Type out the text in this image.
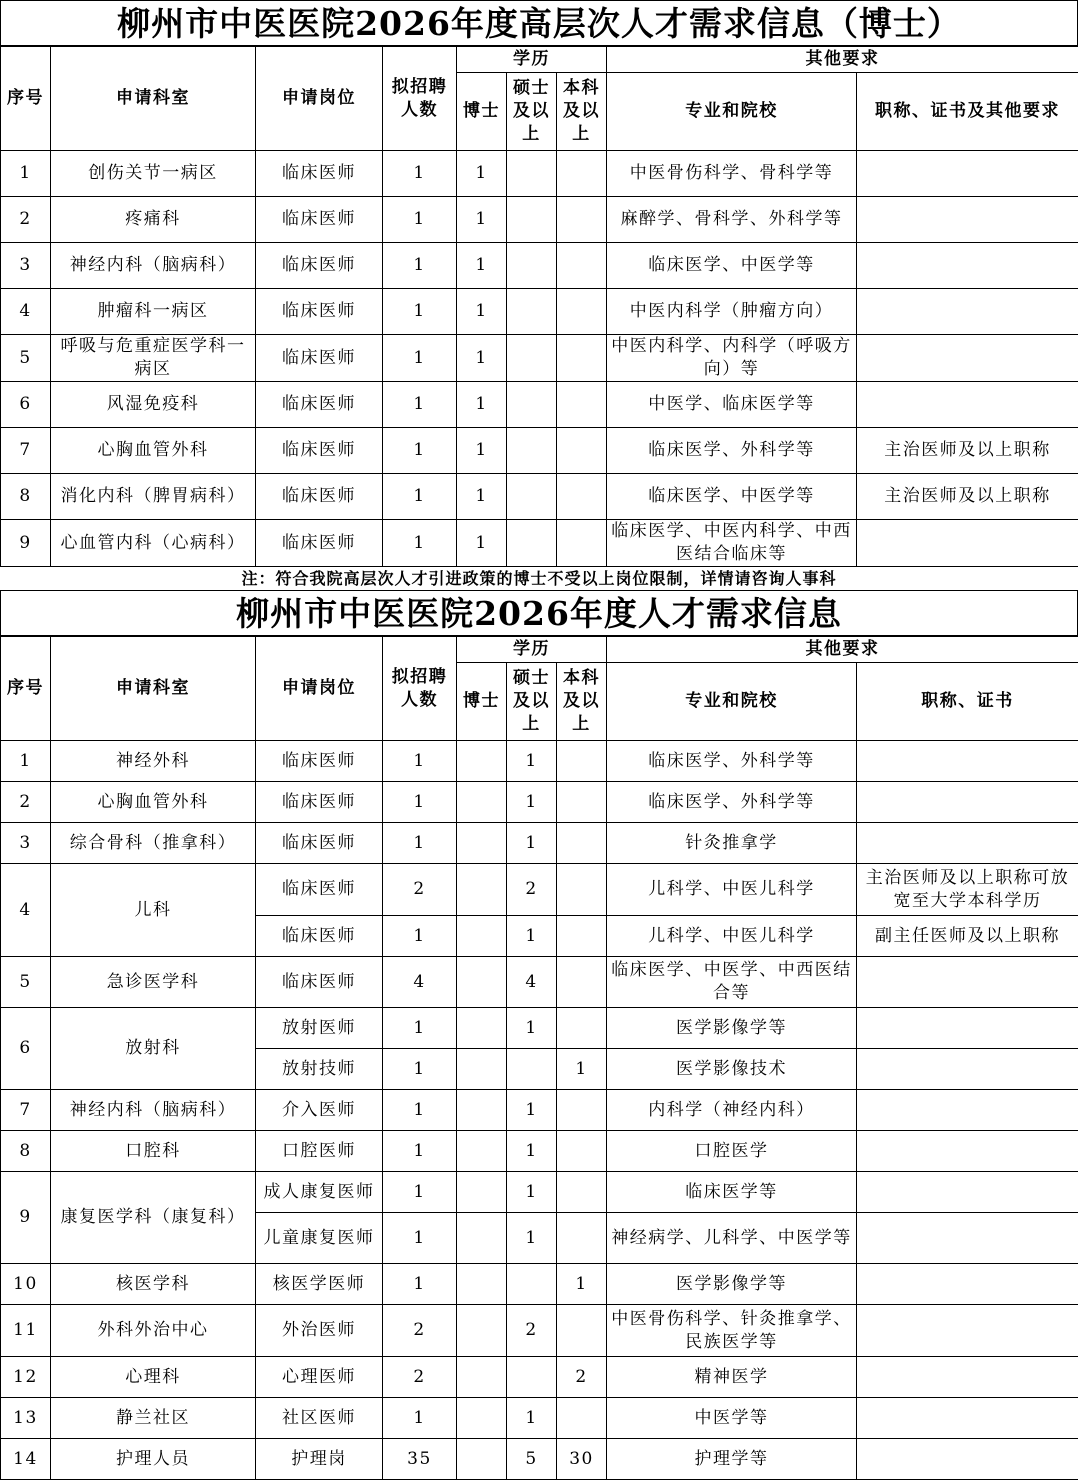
柳州市中医医院2026年度高层次人才需求信息（博士）
序号	申请科室	申请岗位	拟招聘人数	学历			其他要求	
				博士	硕士及以上	本科及以上	专业和院校	职称、证书及其他要求

1	创伤关节一病区	临床医师	1	1			中医骨伤科学、骨科学等	

2	疼痛科	临床医师	1	1			麻醉学、骨科学、外科学等	

3	神经内科（脑病科）	临床医师	1	1			临床医学、中医学等	

4	肿瘤科一病区	临床医师	1	1			中医内科学（肿瘤方向）	

5	呼吸与危重症医学科一病区	临床医师	1	1			中医内科学、内科学（呼吸方向）等	

6	风湿免疫科	临床医师	1	1			中医学、临床医学等	

7	心胸血管外科	临床医师	1	1			临床医学、外科学等	主治医师及以上职称

8	消化内科（脾胃病科）	临床医师	1	1			临床医学、中医学等	主治医师及以上职称

9	心血管内科（心病科）	临床医师	1	1			临床医学、中医内科学、中西医结合临床等	

注：符合我院高层次人才引进政策的博士不受以上岗位限制，详情请咨询人事科
柳州市中医医院2026年度人才需求信息
序号	申请科室	申请岗位	拟招聘人数	学历			其他要求	
				博士	硕士及以上	本科及以上	专业和院校	职称、证书
1	神经外科	临床医师	1		1		临床医学、外科学等	
2	心胸血管外科	临床医师	1		1		临床医学、外科学等	
3	综合骨科（推拿科）	临床医师	1		1		针灸推拿学	
4	儿科	临床医师	2		2		儿科学、中医儿科学	主治医师及以上职称可放宽至大学本科学历
		临床医师	1		1		儿科学、中医儿科学	副主任医师及以上职称
5	急诊医学科	临床医师	4		4		临床医学、中医学、中西医结合等	

6	放射科	放射医师	1		1		医学影像学等	
		放射技师	1			1	医学影像技术	
7	神经内科（脑病科）	介入医师	1		1		内科学（神经内科）	
8	口腔科	口腔医师	1		1		口腔医学	
9	康复医学科（康复科）	成人康复医师	1		1		临床医学等	
		儿童康复医师	1		1		神经病学、儿科学、中医学等	
10	核医学科	核医学医师	1			1	医学影像学等	
11	外科外治中心	外治医师	2		2		中医骨伤科学、针灸推拿学、民族医学等	
12	心理科	心理医师	2			2	精神医学	
13	静兰社区	社区医师	1		1		中医学等	
14	护理人员	护理岗	35		5	30	护理学等	
